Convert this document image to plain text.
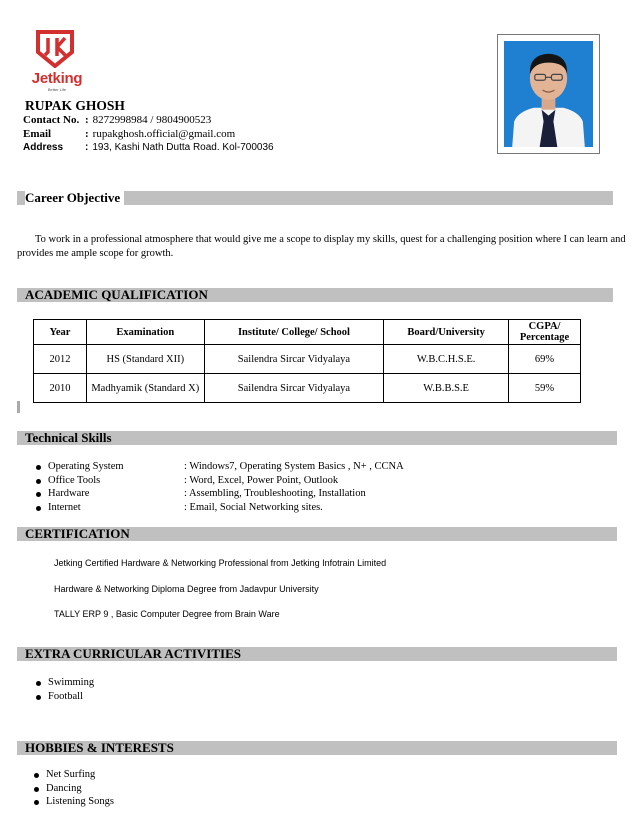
Jetking
Better Life
RUPAK GHOSH
Contact No. : 8272998984 / 9804900523
Email	: rupakghosh.official@gmail.com
Address : 193, Kashi Nath Dutta Road. Kol-700036
Career Objective
To work in a professional atmosphere that would give me a scope to display my skills, quest for a challenging position where I can learn and provides me ample scope for growth.
ACADEMIC QUALIFICATION
Year	Examination	Institute/ College/ School	Board/University	CGPA/ Percentage
2012	HS (Standard XII)	Sailendra Sircar Vidyalaya	W.B.C.H.S.E.	69%
2010	Madhyamik (Standard X)	Sailendra Sircar Vidyalaya	W.B.B.S.E	59%
Technical Skills
Operating System	: Windows7, Operating System Basics , N+ , CCNA
Office Tools	: Word, Excel, Power Point, Outlook
Hardware	: Assembling, Troubleshooting, Installation
Internet	: Email, Social Networking sites.
CERTIFICATION
Jetking Certified Hardware & Networking Professional from Jetking Infotrain Limited
Hardware & Networking Diploma Degree from Jadavpur University
TALLY ERP 9 , Basic Computer Degree from Brain Ware
EXTRA CURRICULAR ACTIVITIES
Swimming
Football
HOBBIES & INTERESTS
Net Surfing
Dancing
Listening Songs
